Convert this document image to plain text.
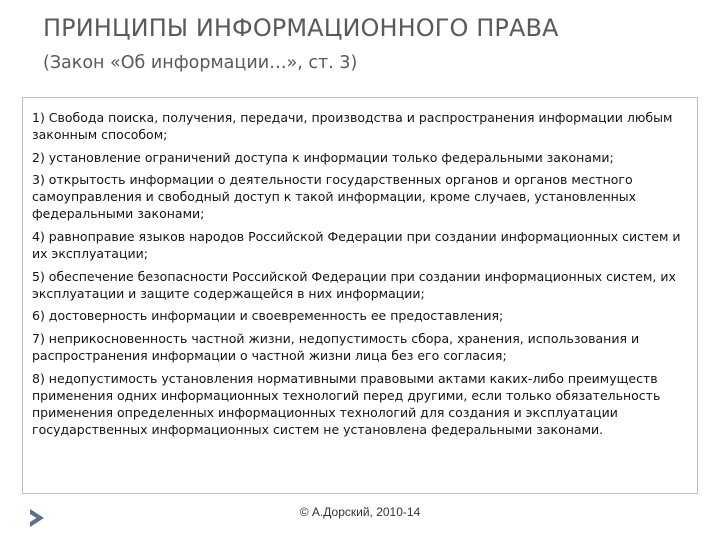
ПРИНЦИПЫ ИНФОРМАЦИОННОГО ПРАВА

(Закон «Об информации…», ст. 3)

1) Свобода поиска, получения, передачи, производства и распространения информации любым законным способом;
2) установление ограничений доступа к информации только федеральными законами;
3) открытость информации о деятельности государственных органов и органов местного самоуправления и свободный доступ к такой информации, кроме случаев, установленных федеральными законами;
4) равноправие языков народов Российской Федерации при создании информационных систем и их эксплуатации;
5) обеспечение безопасности Российской Федерации при создании информационных систем, их эксплуатации и защите содержащейся в них информации;
6) достоверность информации и своевременность ее предоставления;
7) неприкосновенность частной жизни, недопустимость сбора, хранения, использования и распространения информации о частной жизни лица без его согласия;
8) недопустимость установления нормативными правовыми актами каких-либо преимуществ применения одних информационных технологий перед другими, если только обязательность применения определенных информационных технологий для создания и эксплуатации государственных информационных систем не установлена федеральными законами.
© А.Дорский, 2010-14
